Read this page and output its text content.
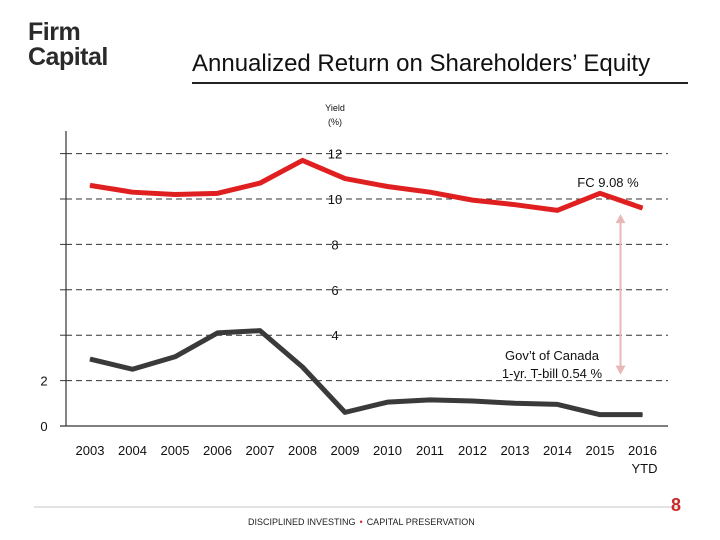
Firm
Capital	Annualized Return on Shareholders’ Equity
Yield
(%)
12
10
8
6
4
2
0
2003 2004 2005 2006 2007 2008 2009 2010 2011 2012 2013 2014 2015 2016
YTD
FC 9.08 %
Gov’t of Canada
1-yr. T-bill 0.54 %
DISCIPLINED INVESTING • CAPITAL PRESERVATION
8
